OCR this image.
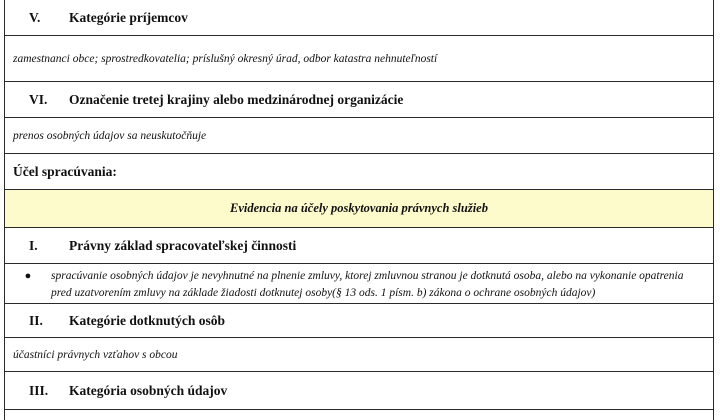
V.	Kategórie príjemcov
zamestnanci obce; sprostredkovatelia; príslušný okresný úrad, odbor katastra nehnuteľností
VI.	Označenie tretej krajiny alebo medzinárodnej organizácie
prenos osobných údajov sa neuskutočňuje
Účel spracúvania:
Evidencia na účely poskytovania právnych služieb
I.	Právny základ spracovateľskej činnosti
●	spracúvanie osobných údajov je nevyhnutné na plnenie zmluvy, ktorej zmluvnou stranou je dotknutá osoba, alebo na vykonanie opatrenia pred uzatvorením zmluvy na základe žiadosti dotknutej osoby(§ 13 ods. 1 písm. b) zákona o ochrane osobných údajov)
II.	Kategórie dotknutých osôb
účastníci právnych vzťahov s obcou
III.	Kategória osobných údajov
